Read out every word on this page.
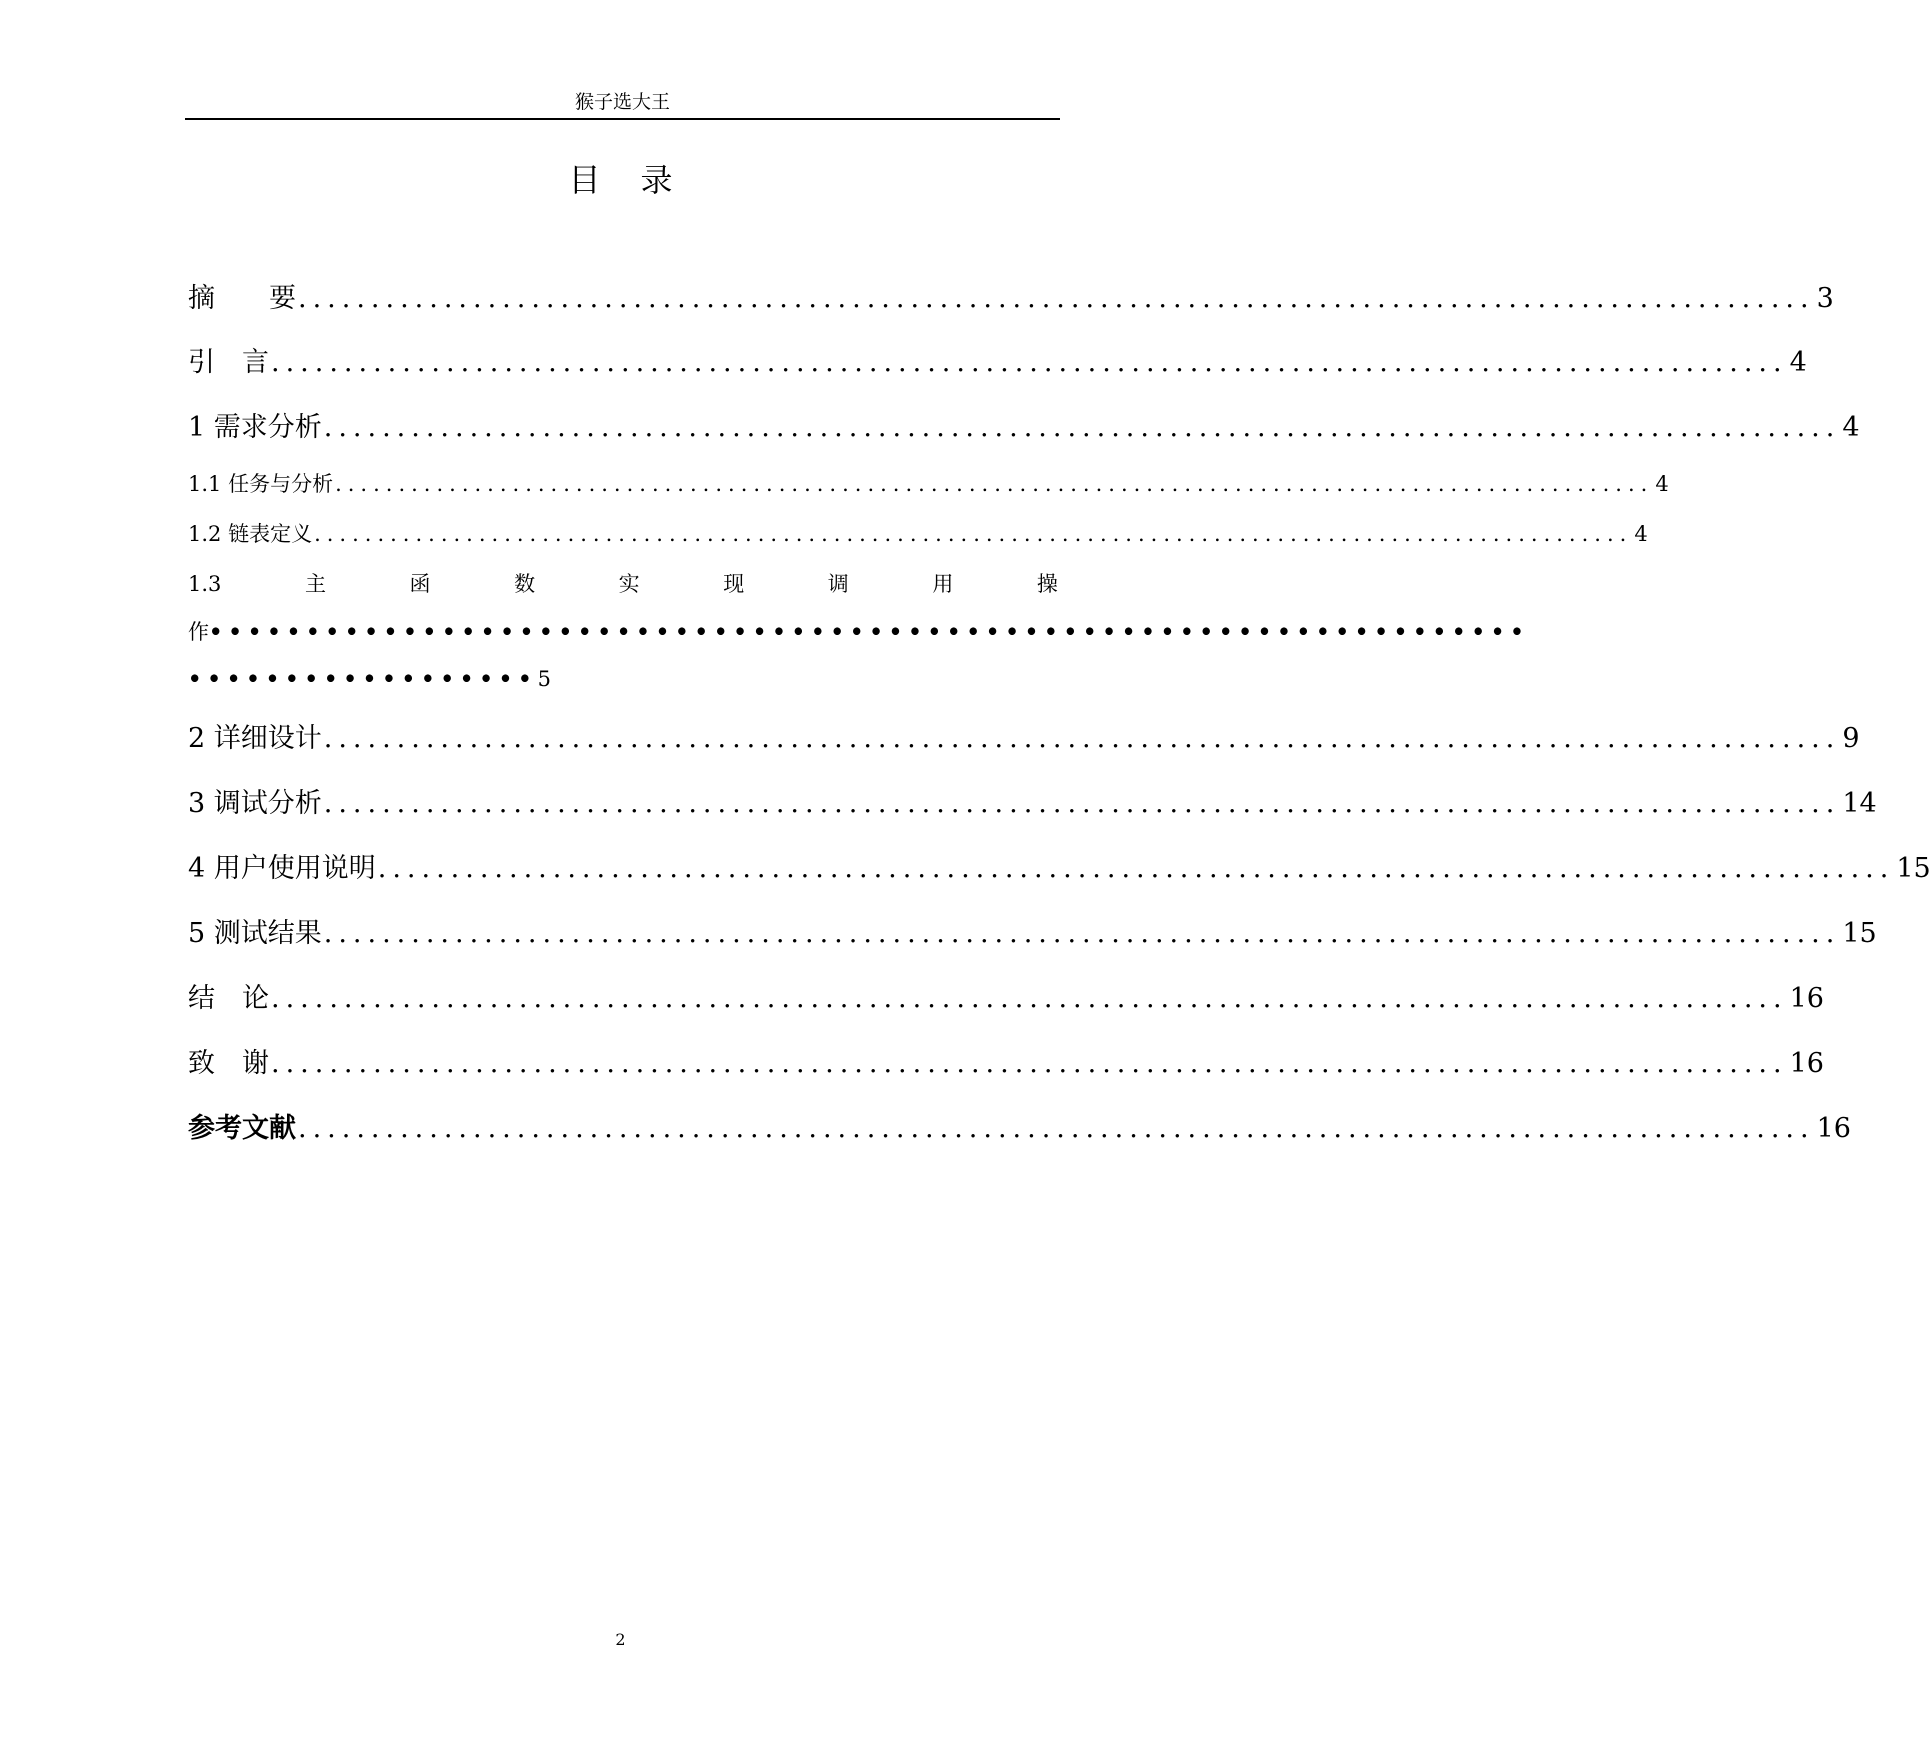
猴子选大王
目 录
摘　　要 ........................................................................................................ 3
引　言 ........................................................................................................ 4
1 需求分析 ........................................................................................................ 4
1.1 任务与分析 ........................................................................................................ 4
1.2 链表定义 ........................................................................................................ 4
1.3	主	函	数	实	现	调	用	操
作••••••••••••••••••••••••••••••••••••••••••••••••••••••••••••••••••••
••••••••••••••••••5
2 详细设计 ........................................................................................................ 9
3 调试分析 ........................................................................................................ 14
4 用户使用说明 ........................................................................................................ 15
5 测试结果 ........................................................................................................ 15
结　论 ........................................................................................................ 16
致　谢 ........................................................................................................ 16
参考文献 ........................................................................................................ 16
2
